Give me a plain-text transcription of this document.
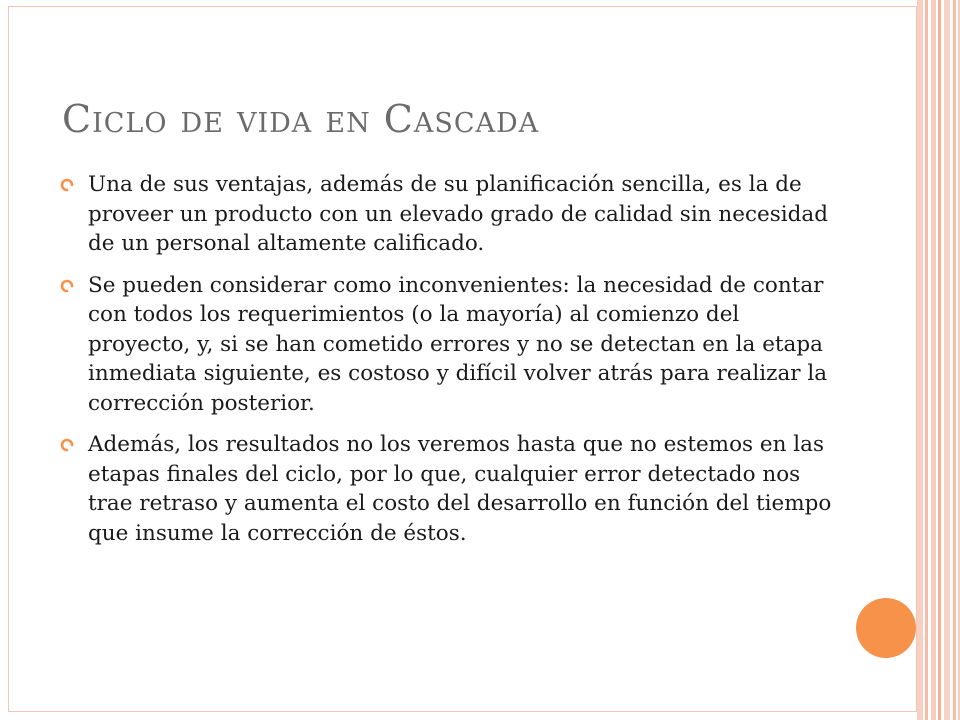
Ciclo de vida en Cascada
Una de sus ventajas, además de su planificación sencilla, es la de proveer un producto con un elevado grado de calidad sin necesidad de un personal altamente calificado.
Se pueden considerar como inconvenientes: la necesidad de contar con todos los requerimientos (o la mayoría) al comienzo del proyecto, y, si se han cometido errores y no se detectan en la etapa inmediata siguiente, es costoso y difícil volver atrás para realizar la corrección posterior.
Además, los resultados no los veremos hasta que no estemos en las etapas finales del ciclo, por lo que, cualquier error detectado nos trae retraso y aumenta el costo del desarrollo en función del tiempo que insume la corrección de éstos.
